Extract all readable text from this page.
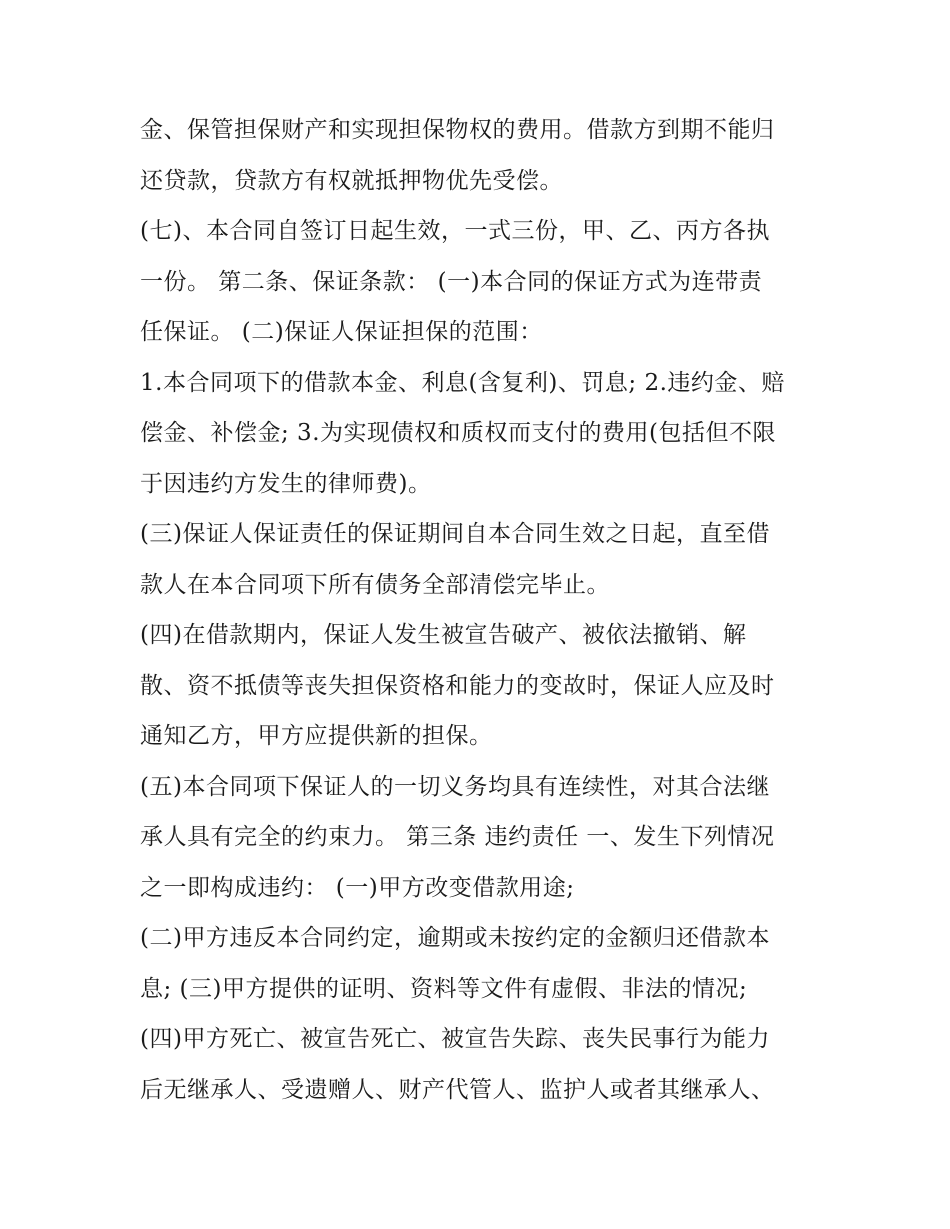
金、保管担保财产和实现担保物权的费用。借款方到期不能归
还贷款，贷款方有权就抵押物优先受偿。
(七)、本合同自签订日起生效，一式三份，甲、乙、丙方各执
一份。 第二条、保证条款： (一)本合同的保证方式为连带责
任保证。 (二)保证人保证担保的范围：
1.本合同项下的借款本金、利息(含复利)、罚息; 2.违约金、赔
偿金、补偿金; 3.为实现债权和质权而支付的费用(包括但不限
于因违约方发生的律师费)。
(三)保证人保证责任的保证期间自本合同生效之日起，直至借
款人在本合同项下所有债务全部清偿完毕止。
(四)在借款期内，保证人发生被宣告破产、被依法撤销、解
散、资不抵债等丧失担保资格和能力的变故时，保证人应及时
通知乙方，甲方应提供新的担保。
(五)本合同项下保证人的一切义务均具有连续性，对其合法继
承人具有完全的约束力。 第三条 违约责任 一、发生下列情况
之一即构成违约： (一)甲方改变借款用途;
(二)甲方违反本合同约定，逾期或未按约定的金额归还借款本
息; (三)甲方提供的证明、资料等文件有虚假、非法的情况;
(四)甲方死亡、被宣告死亡、被宣告失踪、丧失民事行为能力
后无继承人、受遗赠人、财产代管人、监护人或者其继承人、
